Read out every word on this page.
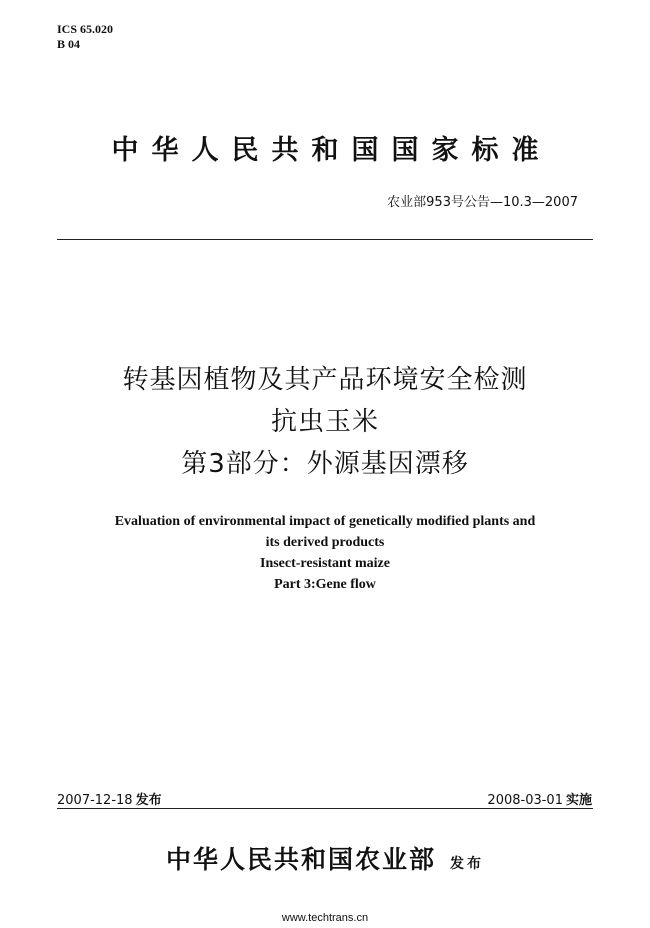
ICS 65.020
B 04
中华人民共和国国家标准
农业部953号公告—10.3—2007
转基因植物及其产品环境安全检测
抗虫玉米
第3部分：外源基因漂移
Evaluation of environmental impact of genetically modified plants and
its derived products
Insect-resistant maize
Part 3:Gene flow
2007-12-18 发布	2008-03-01 实施
中华人民共和国农业部 发布
www.techtrans.cn
